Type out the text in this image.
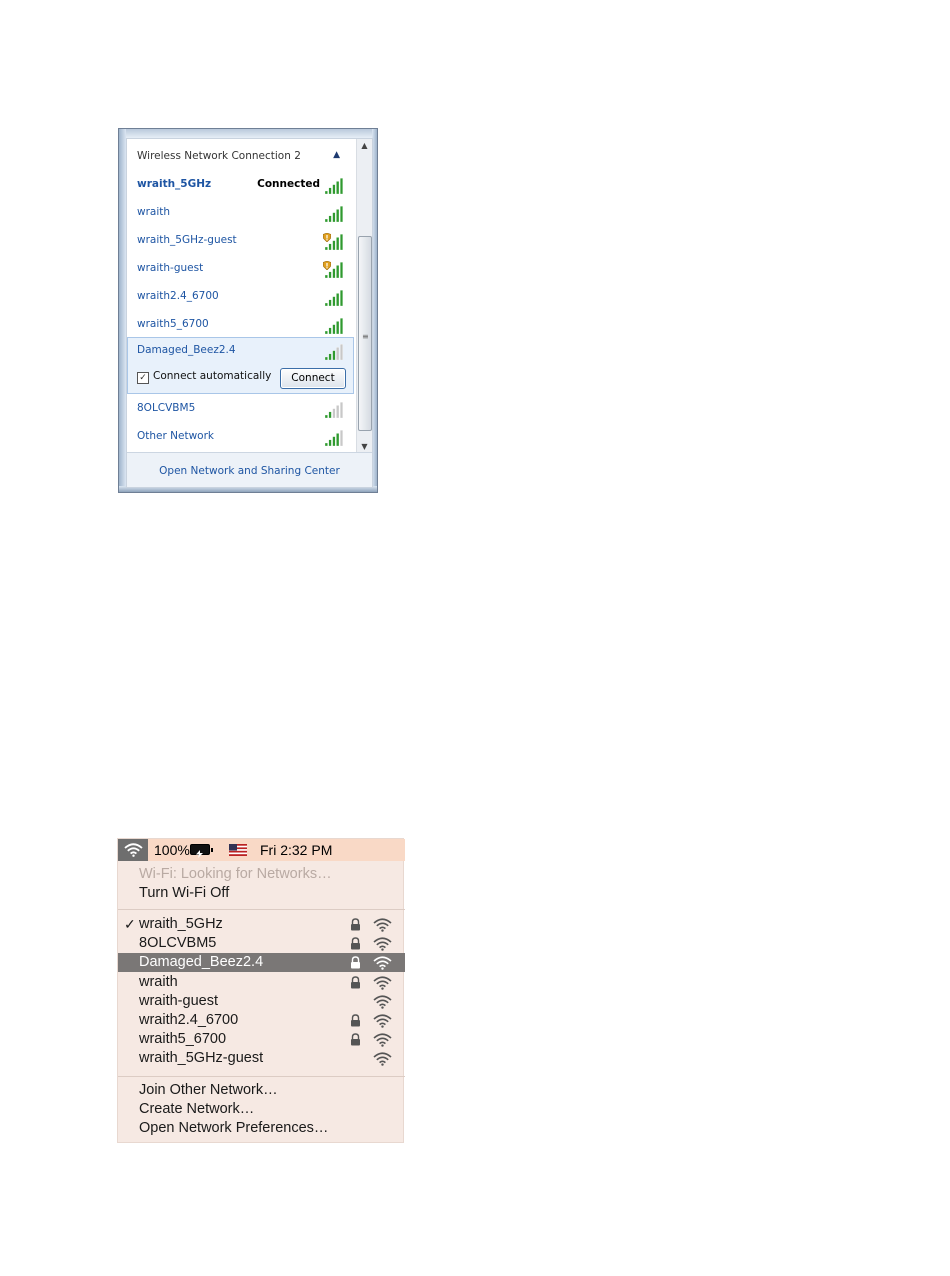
Wireless Network Connection 2	▲
wraith_5GHz	Connected
wraith
wraith_5GHz-guest
wraith-guest
wraith2.4_6700
wraith5_6700
Damaged_Beez2.4
✓ Connect automatically	Connect
8OLCVBM5
Other Network
▲
≡
▼
Open Network and Sharing Center
100%	Fri 2:32 PM
Wi-Fi: Looking for Networks…
Turn Wi-Fi Off
✓ wraith_5GHz
8OLCVBM5
Damaged_Beez2.4
wraith
wraith-guest
wraith2.4_6700
wraith5_6700
wraith_5GHz-guest
Join Other Network…
Create Network…
Open Network Preferences…
